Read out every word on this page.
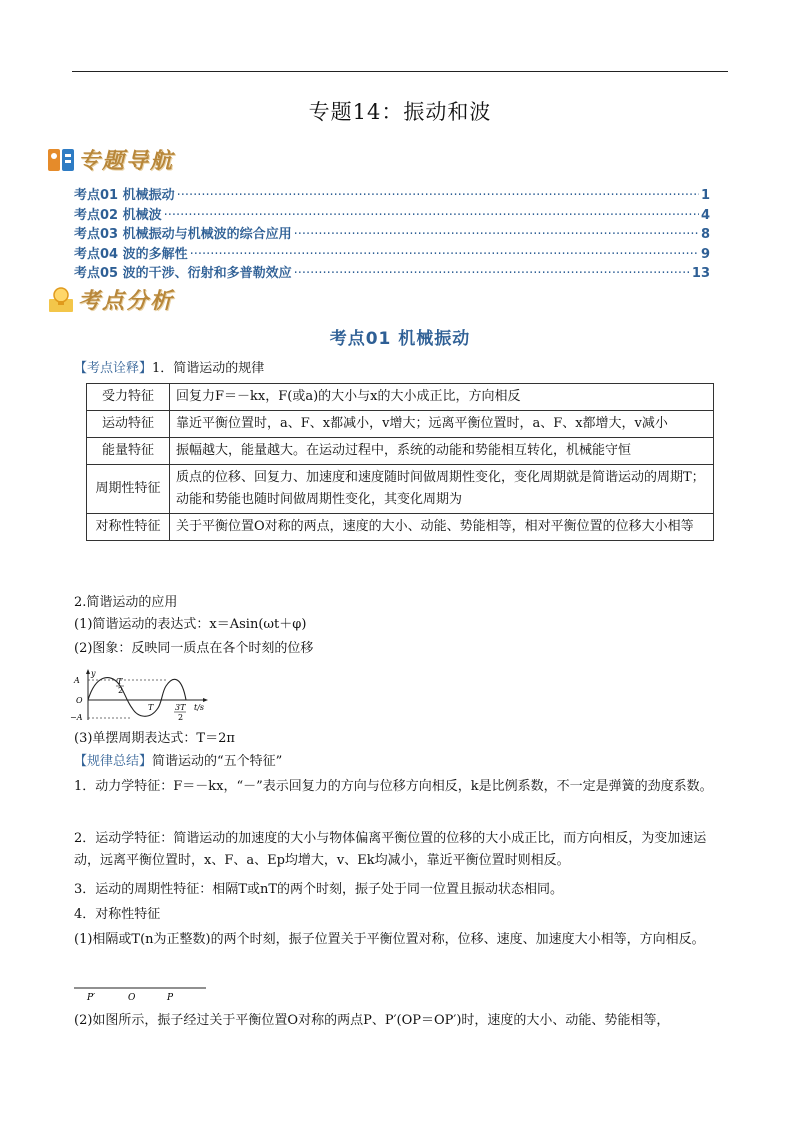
专题14：振动和波
专题导航
考点01 机械振动 ·····	1
考点02 机械波 ·····	4
考点03 机械振动与机械波的综合应用 ·····	8
考点04 波的多解性 ·····	9
考点05 波的干涉、衍射和多普勒效应 ·····	13
考点分析
考点01 机械振动
【考点诠释】1．简谐运动的规律
受力特征	回复力F＝－kx，F(或a)的大小与x的大小成正比，方向相反
运动特征	靠近平衡位置时，a、F、x都减小，v增大；远离平衡位置时，a、F、x都增大，v减小
能量特征	振幅越大，能量越大。在运动过程中，系统的动能和势能相互转化，机械能守恒
周期性特征	质点的位移、回复力、加速度和速度随时间做周期性变化，变化周期就是简谐运动的周期T；动能和势能也随时间做周期性变化，其变化周期为
对称性特征	关于平衡位置O对称的两点，速度的大小、动能、势能相等，相对平衡位置的位移大小相等
2.简谐运动的应用
(1)简谐运动的表达式：x＝Asin(ωt＋φ)
(2)图象：反映同一质点在各个时刻的位移
A
y
O
−A
T
2
T	3T
2
t/s
(3)单摆周期表达式：T＝2π
【规律总结】简谐运动的“五个特征”
1．动力学特征：F＝－kx，“－”表示回复力的方向与位移方向相反，k是比例系数，不一定是弹簧的劲度系数。
2．运动学特征：简谐运动的加速度的大小与物体偏离平衡位置的位移的大小成正比，而方向相反，为变加速运动，远离平衡位置时，x、F、a、Ep均增大，v、Ek均减小，靠近平衡位置时则相反。
3．运动的周期性特征：相隔T或nT的两个时刻，振子处于同一位置且振动状态相同。
4．对称性特征
(1)相隔或T(n为正整数)的两个时刻，振子位置关于平衡位置对称，位移、速度、加速度大小相等，方向相反。
P′	O	P
(2)如图所示，振子经过关于平衡位置O对称的两点P、P′(OP＝OP′)时，速度的大小、动能、势能相等，
